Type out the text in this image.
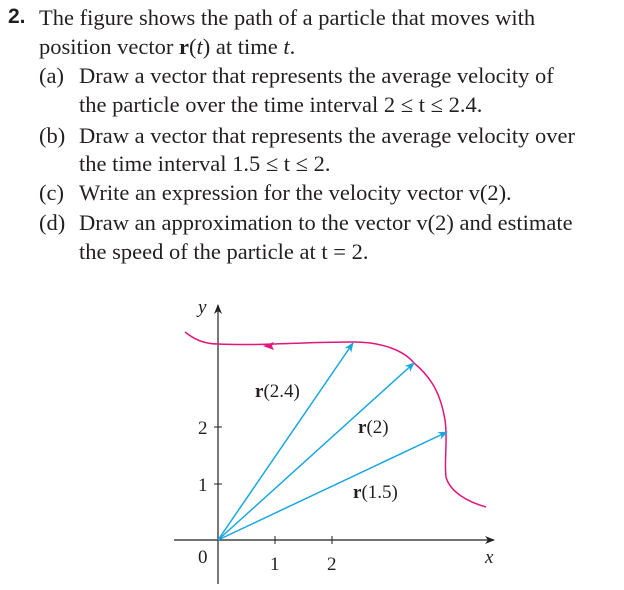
2. The figure shows the path of a particle that moves with
position vector r(t) at time t.
(a) Draw a vector that represents the average velocity of
the particle over the time interval 2 ≤ t ≤ 2.4.
(b) Draw a vector that represents the average velocity over
the time interval 1.5 ≤ t ≤ 2.
(c) Write an expression for the velocity vector v(2).
(d) Draw an approximation to the vector v(2) and estimate
the speed of the particle at t = 2.
2
1
0	1	2	x
y
r(2.4)
r(2)
r(1.5)
